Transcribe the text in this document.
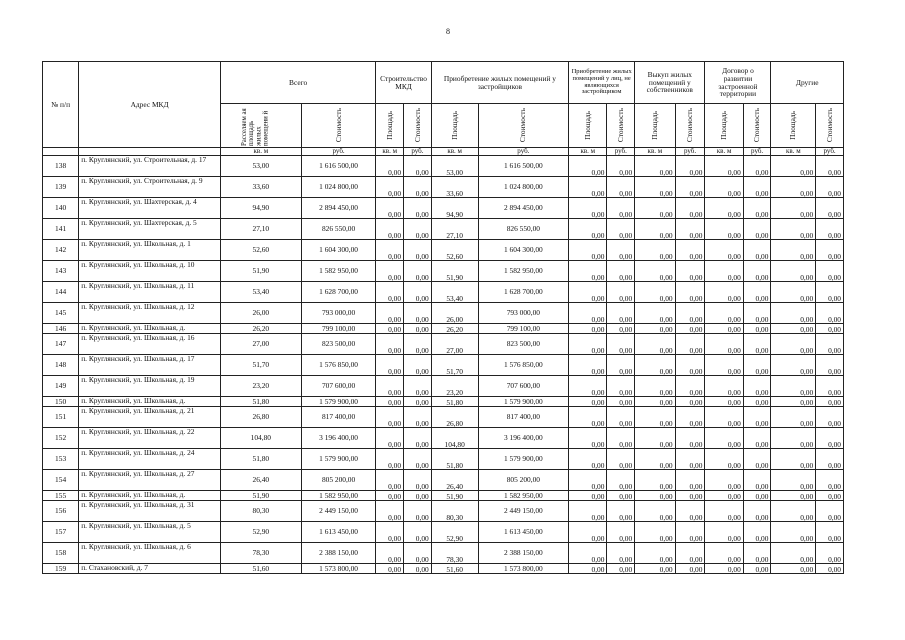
8
№ п/п	Адрес МКД	Всего		Строительство МКД		Приобретение жилых помещений у застройщиков		Приобретение жилых помещений у лиц, не являющихся застройщиком		Выкуп жилых помещений у собственников		Договор о развитии застроенной территории		Другие	

		Расселяем ая площадь жилых помещени й	Стоимость	Площадь	Стоимость	Площадь	Стоимость	Площадь	Стоимость	Площадь	Стоимость	Площадь	Стоимость	Площадь	Стоимость

		кв. м	руб.	кв. м	руб.	кв. м	руб.	кв. м	руб.	кв. м	руб.	кв. м	руб.	кв. м	руб.
138	п. Круглянский, ул. Строительная, д. 17	53,00	1 616 500,00	0,00	0,00	53,00	1 616 500,00	0,00	0,00	0,00	0,00	0,00	0,00	0,00	0,00
139	п. Круглянский, ул. Строительная, д. 9	33,60	1 024 800,00	0,00	0,00	33,60	1 024 800,00	0,00	0,00	0,00	0,00	0,00	0,00	0,00	0,00
140	п. Круглянский, ул. Шахтерская, д. 4	94,90	2 894 450,00	0,00	0,00	94,90	2 894 450,00	0,00	0,00	0,00	0,00	0,00	0,00	0,00	0,00
141	п. Круглянский, ул. Шахтерская, д. 5	27,10	826 550,00	0,00	0,00	27,10	826 550,00	0,00	0,00	0,00	0,00	0,00	0,00	0,00	0,00
142	п. Круглянский, ул. Школьная, д. 1	52,60	1 604 300,00	0,00	0,00	52,60	1 604 300,00	0,00	0,00	0,00	0,00	0,00	0,00	0,00	0,00
143	п. Круглянский, ул. Школьная, д. 10	51,90	1 582 950,00	0,00	0,00	51,90	1 582 950,00	0,00	0,00	0,00	0,00	0,00	0,00	0,00	0,00
144	п. Круглянский, ул. Школьная, д. 11	53,40	1 628 700,00	0,00	0,00	53,40	1 628 700,00	0,00	0,00	0,00	0,00	0,00	0,00	0,00	0,00
145	п. Круглянский, ул. Школьная, д. 12	26,00	793 000,00	0,00	0,00	26,00	793 000,00	0,00	0,00	0,00	0,00	0,00	0,00	0,00	0,00
146	п. Круглянский, ул. Школьная, д.	26,20	799 100,00	0,00	0,00	26,20	799 100,00	0,00	0,00	0,00	0,00	0,00	0,00	0,00	0,00
147	п. Круглянский, ул. Школьная, д. 16	27,00	823 500,00	0,00	0,00	27,00	823 500,00	0,00	0,00	0,00	0,00	0,00	0,00	0,00	0,00
148	п. Круглянский, ул. Школьная, д. 17	51,70	1 576 850,00	0,00	0,00	51,70	1 576 850,00	0,00	0,00	0,00	0,00	0,00	0,00	0,00	0,00
149	п. Круглянский, ул. Школьная, д. 19	23,20	707 600,00	0,00	0,00	23,20	707 600,00	0,00	0,00	0,00	0,00	0,00	0,00	0,00	0,00
150	п. Круглянский, ул. Школьная, д.	51,80	1 579 900,00	0,00	0,00	51,80	1 579 900,00	0,00	0,00	0,00	0,00	0,00	0,00	0,00	0,00
151	п. Круглянский, ул. Школьная, д. 21	26,80	817 400,00	0,00	0,00	26,80	817 400,00	0,00	0,00	0,00	0,00	0,00	0,00	0,00	0,00
152	п. Круглянский, ул. Школьная, д. 22	104,80	3 196 400,00	0,00	0,00	104,80	3 196 400,00	0,00	0,00	0,00	0,00	0,00	0,00	0,00	0,00
153	п. Круглянский, ул. Школьная, д. 24	51,80	1 579 900,00	0,00	0,00	51,80	1 579 900,00	0,00	0,00	0,00	0,00	0,00	0,00	0,00	0,00
154	п. Круглянский, ул. Школьная, д. 27	26,40	805 200,00	0,00	0,00	26,40	805 200,00	0,00	0,00	0,00	0,00	0,00	0,00	0,00	0,00
155	п. Круглянский, ул. Школьная, д.	51,90	1 582 950,00	0,00	0,00	51,90	1 582 950,00	0,00	0,00	0,00	0,00	0,00	0,00	0,00	0,00
156	п. Круглянский, ул. Школьная, д. 31	80,30	2 449 150,00	0,00	0,00	80,30	2 449 150,00	0,00	0,00	0,00	0,00	0,00	0,00	0,00	0,00
157	п. Круглянский, ул. Школьная, д. 5	52,90	1 613 450,00	0,00	0,00	52,90	1 613 450,00	0,00	0,00	0,00	0,00	0,00	0,00	0,00	0,00
158	п. Круглянский, ул. Школьная, д. 6	78,30	2 388 150,00	0,00	0,00	78,30	2 388 150,00	0,00	0,00	0,00	0,00	0,00	0,00	0,00	0,00
159	п. Стахановский, д. 7	51,60	1 573 800,00	0,00	0,00	51,60	1 573 800,00	0,00	0,00	0,00	0,00	0,00	0,00	0,00	0,00
